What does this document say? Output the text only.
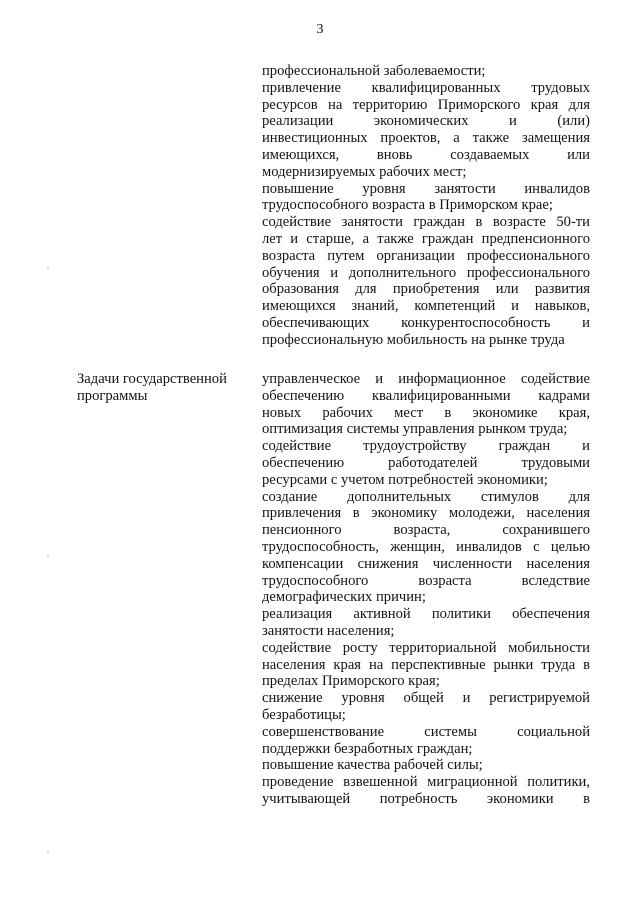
3
профессиональной заболеваемости;
привлечение квалифицированных трудовых
ресурсов на территорию Приморского края для
реализации экономических и (или)
инвестиционных проектов, а также замещения
имеющихся, вновь создаваемых или
модернизируемых рабочих мест;
повышение уровня занятости инвалидов
трудоспособного возраста в Приморском крае;
содействие занятости граждан в возрасте 50-ти
лет и старше, а также граждан предпенсионного
возраста путем организации профессионального
обучения и дополнительного профессионального
образования для приобретения или развития
имеющихся знаний, компетенций и навыков,
обеспечивающих конкурентоспособность и
профессиональную мобильность на рынке труда
Задачи государственной
программы
управленческое и информационное содействие
обеспечению квалифицированными кадрами
новых рабочих мест в экономике края,
оптимизация системы управления рынком труда;
содействие трудоустройству граждан и
обеспечению работодателей трудовыми
ресурсами с учетом потребностей экономики;
создание дополнительных стимулов для
привлечения в экономику молодежи, населения
пенсионного возраста, сохранившего
трудоспособность, женщин, инвалидов с целью
компенсации снижения численности населения
трудоспособного возраста вследствие
демографических причин;
реализация активной политики обеспечения
занятости населения;
содействие росту территориальной мобильности
населения края на перспективные рынки труда в
пределах Приморского края;
снижение уровня общей и регистрируемой
безработицы;
совершенствование системы социальной
поддержки безработных граждан;
повышение качества рабочей силы;
проведение взвешенной миграционной политики,
учитывающей потребность экономики в
